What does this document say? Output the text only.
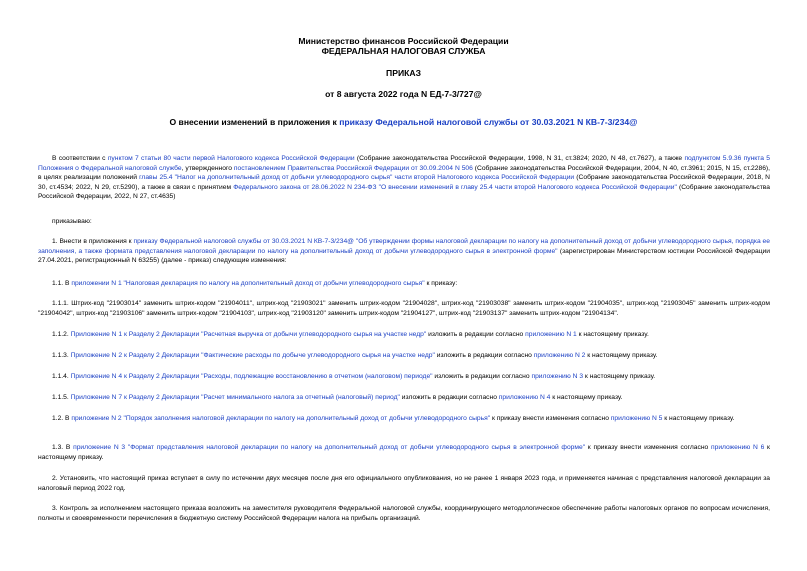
Министерство финансов Российской Федерации
ФЕДЕРАЛЬНАЯ НАЛОГОВАЯ СЛУЖБА
ПРИКАЗ
от 8 августа 2022 года N ЕД-7-3/727@
О внесении изменений в приложения к приказу Федеральной налоговой службы от 30.03.2021 N КВ-7-3/234@
В соответствии с пунктом 7 статьи 80 части первой Налогового кодекса Российской Федерации (Собрание законодательства Российской Федерации, 1998, N 31, ст.3824; 2020, N 48, ст.7627), а также подпунктом 5.9.36 пункта 5 Положения о Федеральной налоговой службе, утвержденного постановлением Правительства Российской Федерации от 30.09.2004 N 506 (Собрание законодательства Российской Федерации, 2004, N 40, ст.3961; 2015, N 15, ст.2286), в целях реализации положений главы 25.4 "Налог на дополнительный доход от добычи углеводородного сырья" части второй Налогового кодекса Российской Федерации (Собрание законодательства Российской Федерации, 2018, N 30, ст.4534; 2022, N 29, ст.5290), а также в связи с принятием Федерального закона от 28.06.2022 N 234-ФЗ "О внесении изменений в главу 25.4 части второй Налогового кодекса Российской Федерации" (Собрание законодательства Российской Федерации, 2022, N 27, ст.4635)
приказываю:
1. Внести в приложения к приказу Федеральной налоговой службы от 30.03.2021 N КВ-7-3/234@ "Об утверждении формы налоговой декларации по налогу на дополнительный доход от добычи углеводородного сырья, порядка ее заполнения, а также формата представления налоговой декларации по налогу на дополнительный доход от добычи углеводородного сырья в электронной форме" (зарегистрирован Министерством юстиции Российской Федерации 27.04.2021, регистрационный N 63255) (далее - приказ) следующие изменения:
1.1. В приложении N 1 "Налоговая декларация по налогу на дополнительный доход от добычи углеводородного сырья" к приказу:
1.1.1. Штрих-код "21903014" заменить штрих-кодом "21904011", штрих-код "21903021" заменить штрих-кодом "21904028", штрих-код "21903038" заменить штрих-кодом "21904035", штрих-код "21903045" заменить штрих-кодом "21904042", штрих-код "21903106" заменить штрих-кодом "21904103", штрих-код "21903120" заменить штрих-кодом "21904127", штрих-код "21903137" заменить штрих-кодом "21904134".
1.1.2. Приложение N 1 к Разделу 2 Декларации "Расчетная выручка от добычи углеводородного сырья на участке недр" изложить в редакции согласно приложению N 1 к настоящему приказу.
1.1.3. Приложение N 2 к Разделу 2 Декларации "Фактические расходы по добыче углеводородного сырья на участке недр" изложить в редакции согласно приложению N 2 к настоящему приказу.
1.1.4. Приложение N 4 к Разделу 2 Декларации "Расходы, подлежащие восстановлению в отчетном (налоговом) периоде" изложить в редакции согласно приложению N 3 к настоящему приказу.
1.1.5. Приложение N 7 к Разделу 2 Декларации "Расчет минимального налога за отчетный (налоговый) период" изложить в редакции согласно приложению N 4 к настоящему приказу.
1.2. В приложение N 2 "Порядок заполнения налоговой декларации по налогу на дополнительный доход от добычи углеводородного сырья" к приказу внести изменения согласно приложению N 5 к настоящему приказу.
1.3. В приложение N 3 "Формат представления налоговой декларации по налогу на дополнительный доход от добычи углеводородного сырья в электронной форме" к приказу внести изменения согласно приложению N 6 к настоящему приказу.
2. Установить, что настоящий приказ вступает в силу по истечении двух месяцев после дня его официального опубликования, но не ранее 1 января 2023 года, и применяется начиная с представления налоговой декларации за налоговый период 2022 год.
3. Контроль за исполнением настоящего приказа возложить на заместителя руководителя Федеральной налоговой службы, координирующего методологическое обеспечение работы налоговых органов по вопросам исчисления, полноты и своевременности перечисления в бюджетную систему Российской Федерации налога на прибыль организаций.
